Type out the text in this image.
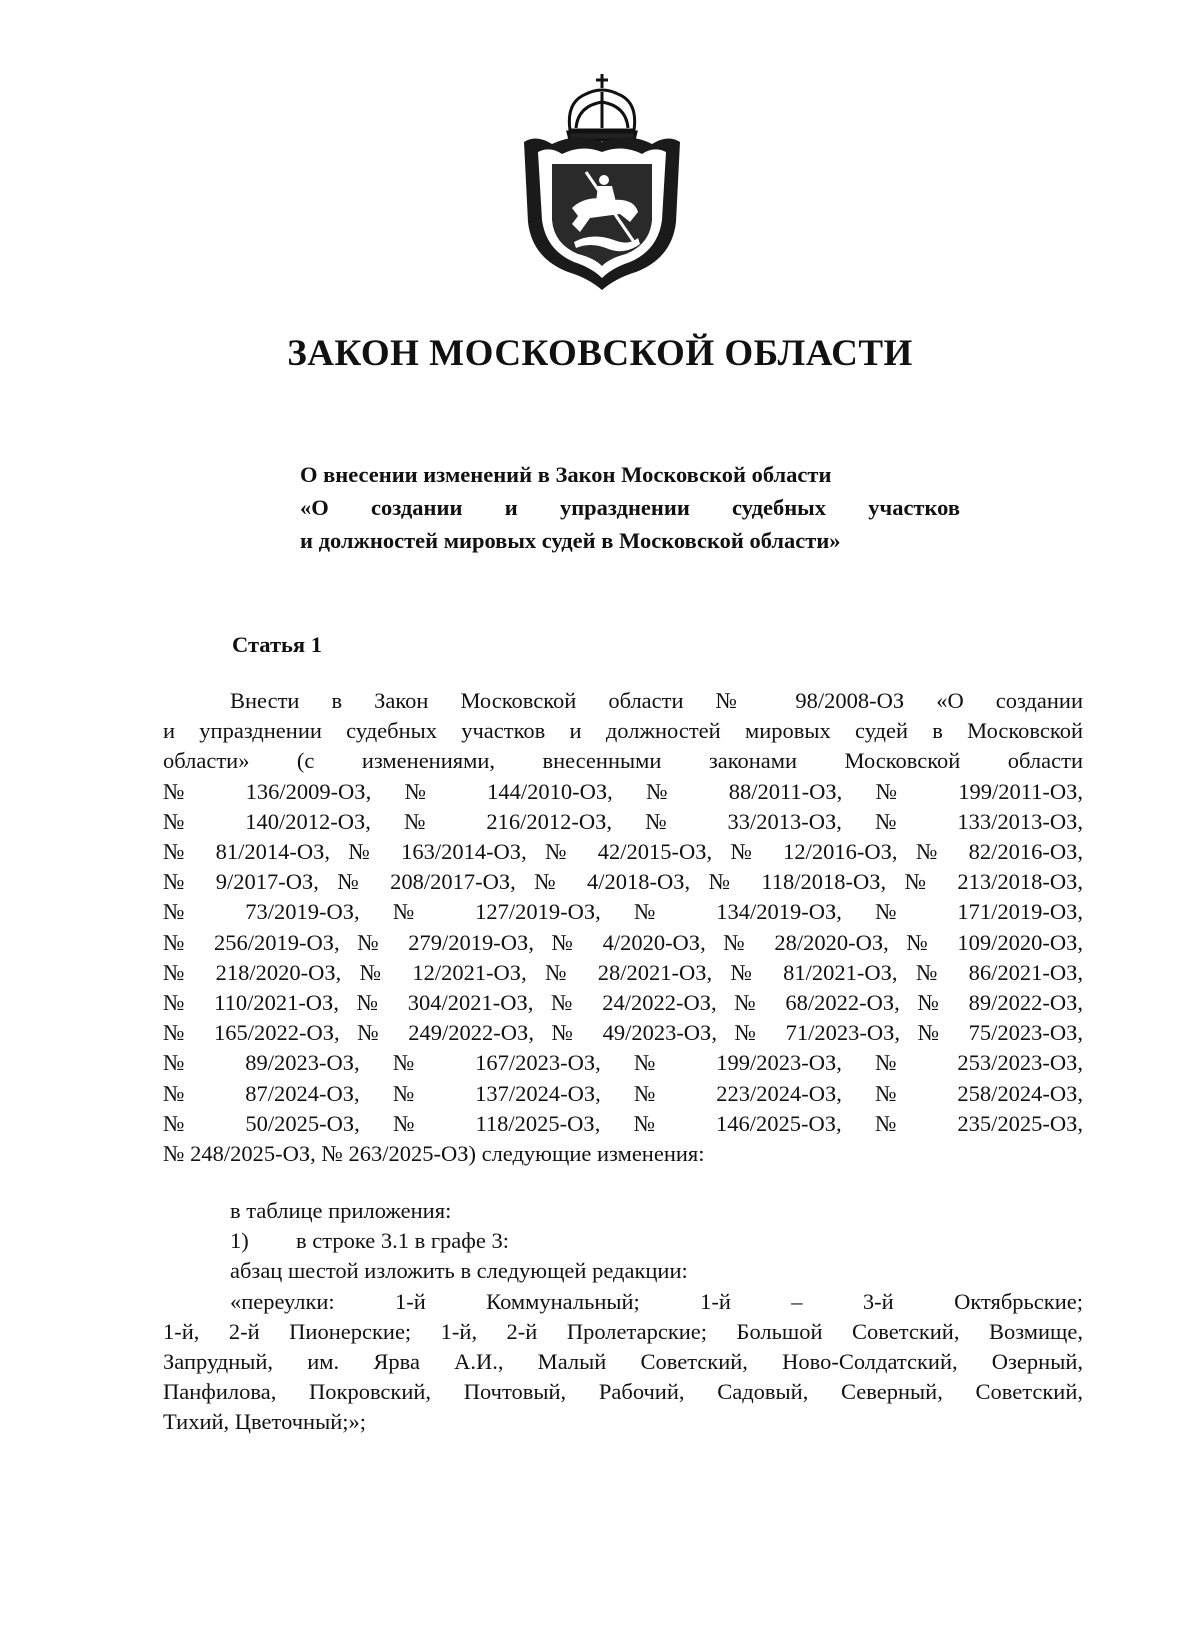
ЗАКОН МОСКОВСКОЙ ОБЛАСТИ
О внесении изменений в Закон Московской области
«О создании и упразднении судебных участков
и должностей мировых судей в Московской области»
Статья 1
Внести в Закон Московской области № 98/2008-ОЗ «О создании
и упразднении судебных участков и должностей мировых судей в Московской
области» (с изменениями, внесенными законами Московской области
№ 136/2009-ОЗ, № 144/2010-ОЗ, № 88/2011-ОЗ, № 199/2011-ОЗ,
№ 140/2012-ОЗ, № 216/2012-ОЗ, № 33/2013-ОЗ, № 133/2013-ОЗ,
№ 81/2014-ОЗ, № 163/2014-ОЗ, № 42/2015-ОЗ, № 12/2016-ОЗ, № 82/2016-ОЗ,
№ 9/2017-ОЗ, № 208/2017-ОЗ, № 4/2018-ОЗ, № 118/2018-ОЗ, № 213/2018-ОЗ,
№ 73/2019-ОЗ, № 127/2019-ОЗ, № 134/2019-ОЗ, № 171/2019-ОЗ,
№ 256/2019-ОЗ, № 279/2019-ОЗ, № 4/2020-ОЗ, № 28/2020-ОЗ, № 109/2020-ОЗ,
№ 218/2020-ОЗ, № 12/2021-ОЗ, № 28/2021-ОЗ, № 81/2021-ОЗ, № 86/2021-ОЗ,
№ 110/2021-ОЗ, № 304/2021-ОЗ, № 24/2022-ОЗ, № 68/2022-ОЗ, № 89/2022-ОЗ,
№ 165/2022-ОЗ, № 249/2022-ОЗ, № 49/2023-ОЗ, № 71/2023-ОЗ, № 75/2023-ОЗ,
№ 89/2023-ОЗ, № 167/2023-ОЗ, № 199/2023-ОЗ, № 253/2023-ОЗ,
№ 87/2024-ОЗ, № 137/2024-ОЗ, № 223/2024-ОЗ, № 258/2024-ОЗ,
№ 50/2025-ОЗ, № 118/2025-ОЗ, № 146/2025-ОЗ, № 235/2025-ОЗ,
№ 248/2025-ОЗ, № 263/2025-ОЗ) следующие изменения:
в таблице приложения:
1) в строке 3.1 в графе 3:
абзац шестой изложить в следующей редакции:
«переулки: 1-й Коммунальный; 1-й – 3-й Октябрьские;
1-й, 2-й Пионерские; 1-й, 2-й Пролетарские; Большой Советский, Возмище,
Запрудный, им. Ярва А.И., Малый Советский, Ново-Солдатский, Озерный,
Панфилова, Покровский, Почтовый, Рабочий, Садовый, Северный, Советский,
Тихий, Цветочный;»;
